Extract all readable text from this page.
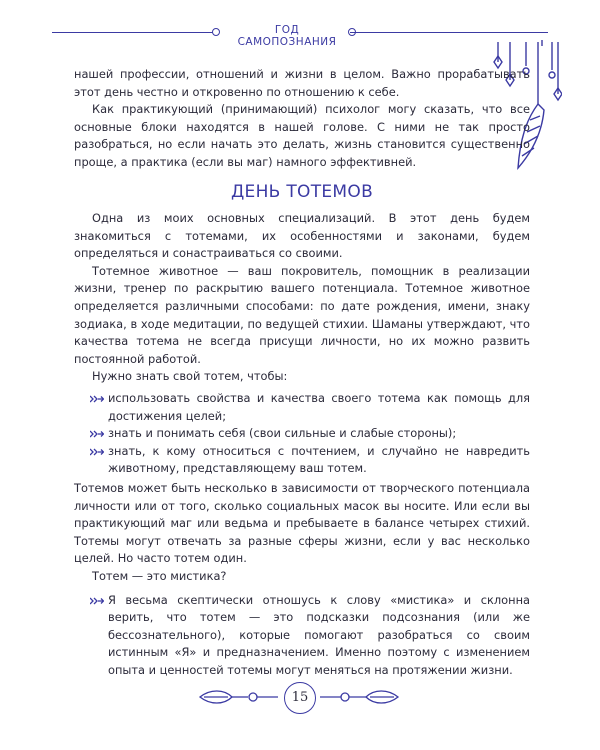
ГОД САМОПОЗНАНИЯ

нашей профессии, отношений и жизни в целом. Важно прорабатывать этот день честно и откровенно по отношению к себе.

Как практикующий (принимающий) психолог могу сказать, что все основные блоки находятся в нашей голове. С ними не так просто разобраться, но если начать это делать, жизнь становится существенно проще, а практика (если вы маг) намного эффективней.

ДЕНЬ ТОТЕМОВ

Одна из моих основных специализаций. В этот день будем знакомиться с тотемами, их особенностями и законами, будем определяться и сонастраиваться со своими.

Тотемное животное — ваш покровитель, помощник в реализации жизни, тренер по раскрытию вашего потенциала. Тотемное животное определяется различными способами: по дате рождения, имени, знаку зодиака, в ходе медитации, по ведущей стихии. Шаманы утверждают, что качества тотема не всегда присущи личности, но их можно развить постоянной работой.

Нужно знать свой тотем, чтобы:

использовать свойства и качества своего тотема как помощь для достижения целей;
знать и понимать себя (свои сильные и слабые стороны);
знать, к кому относиться с почтением, и случайно не навредить животному, представляющему ваш тотем.

Тотемов может быть несколько в зависимости от творческого потенциала личности или от того, сколько социальных масок вы носите. Или если вы практикующий маг или ведьма и пребываете в балансе четырех стихий. Тотемы могут отвечать за разные сферы жизни, если у вас несколько целей. Но часто тотем один.

Тотем — это мистика?

Я весьма скептически отношусь к слову «мистика» и склонна верить, что тотем — это подсказки подсознания (или же бессознательного), которые помогают разобраться со своим истинным «Я» и предназначением. Именно поэтому с изменением опыта и ценностей тотемы могут меняться на протяжении жизни.
15
